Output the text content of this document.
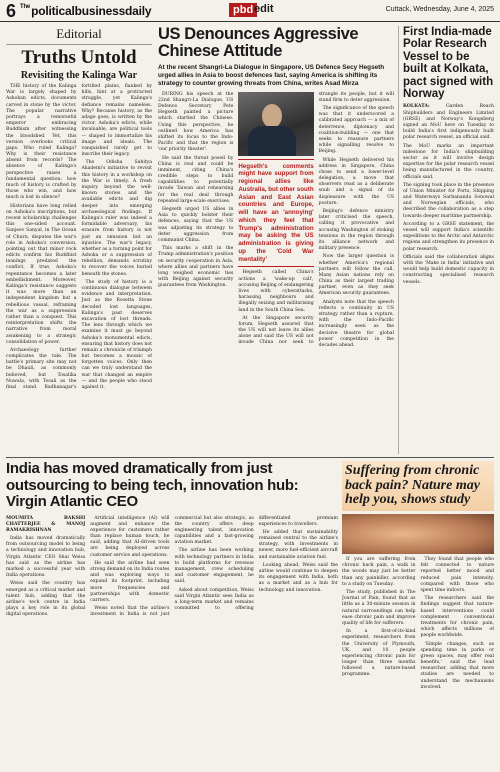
6 $^{The}$politicalbusinessdaily	pbd edit	Cuttack, Wednesday, June 4, 2025
Editorial
Truths Untold
Revisiting the Kalinga War

THE history of the Kalinga War is largely shaped by Ashokan edicts, documents carved in stone by the victor. The popular narrative portrays a remorseful emperor embracing Buddhism after witnessing the bloodshed. Yet, this version overlooks critical gaps. Who ruled Kalinga? Why is their resistance absent from records? The absence of Kalinga's perspective raises a fundamental question: how much of history is crafted by those who win, and how much is lost in silence?

Historians have long relied on Ashoka's inscriptions, but recent scholarship challenges this one-sided account. Sanjeev Sanyal, in The Ocean of Churn, disputes the war's role in Ashoka's conversion, pointing out that minor rock edicts confirm his Buddhist leanings predated the conflict. If true, Ashoka's repentance becomes a later embellishment. Moreover, Kalinga's resistance suggests it was more than an independent kingdom but a rebellious vassal, reframing the war as a suppression rather than a conquest. This reinterpretation shifts the narrative from moral awakening to a strategic consolidation of power.

Archaeology further complicates the tale. The battle's primary site may not be Dhauli, as commonly believed, but Tosalika Nuwala, with Tosali as the final stand. Radhanagar's fortified plains, flanked by hills, hint at a protracted struggle, yet Kalinga's defiance remains nameless. Why? Because history, as the adage goes, is written by the victor. Ashoka's edicts, while invaluable, are political tools — shaped to immortalize his image and ideals. The vanquished rarely get to inscribe their legacy.

The Odisha Sahitya Akademi's initiative to revisit this history in a workshop on the War is timely. A fresh inquiry beyond the well-known stories and the available edicts and dig deeper into emerging archaeological findings. If Kalinga's ruler was indeed a formidable adversary, his erasure from history is not just an omission but an injustice. The war's legacy, whether as a turning point for Ashoka or a suppression of rebellion, demands scrutiny to recover the voices buried beneath the stones.

The study of history is a continuous dialogue between evidence and interpretation. Just as the Rosetta Stone decoded lost languages, Kalinga's past deserves excavation of lost threads. The lens through which we examine it must go beyond Ashoka's monumental edicts, ensuring that history does not remain a chronicle of triumph but becomes a mosaic of forgotten voices. Only then can we truly understand the war that changed an empire — and the people who stood against it.

US Denounces Aggressive Chinese Attitude
At the recent Shangri-La Dialogue in Singapore, US Defence Secy Hegseth urged allies in Asia to boost defences fast, saying America is shifting its strategy to counter growing threats from China, writes Asad Mirza

DURING his speech at the 22nd Shangri-La Dialogue, US Defence Secretary Pete Hegseth painted a picture which startled the Chinese. Using this perspective, he outlined how America has shifted its focus to the Indo-Pacific and that the region is 'our priority theater'.

He said the threat posed by China is real and could be imminent, citing China's credible steps to build capabilities to potentially invade Taiwan and rehearsing for the real deal through repeated large-scale exercises.

Hegseth urged US allies in Asia to quickly bolster their defences, saying that the US was adjusting its strategy to deter aggression from communist China.

This marks a shift in the Trump administration's position on security cooperation in Asia, where allies and partners have long weighed economic ties with Beijing against security guarantees from Washington.

Hegseth's comments might have support from regional allies like Australia, but other south Asian and East Asian countries and Europe, will have an 'annoying' which they feel that Trump's administration may be asking the US administration is giving up the 'Cold War mentality'

Hegseth called China's actions a 'wake-up call', accusing Beijing of endangering lives with cyberattacks, harassing neighbours and illegally seizing and militarising land in the South China Sea.

At the Singapore security forum, Hegseth assured that the US will not leave its allies alone and said the US will not invade China nor seek to strangle its people, but it will stand firm to deter aggression.

The significance of the speech was that it underscored a calibrated approach — a mix of deterrence, diplomacy and coalition-building — one that seeks to reassure partners while signalling resolve to Beijing.

While Hegseth delivered his address in Singapore, China chose to send a lower-level delegation, a move that observers read as a deliberate snub and a signal of its displeasure with the US posture.

Beijing's defence ministry later criticised the speech, calling it provocative and accusing Washington of stoking tensions in the region through its alliance network and military presence.

Now the larger question is whether America's regional partners will follow the call. Many Asian nations rely on China as their largest trading partner, even as they seek American security guarantees.

Analysts note that the speech reflects a continuity in US strategy rather than a rupture, with the Indo-Pacific increasingly seen as the decisive theatre for global power competition in the decades ahead.

First India-made Polar Research Vessel to be built at Kolkata, pact signed with Norway

KOLKATA:	Garden Reach Shipbuilders and Engineers Limited (GRSE) and Norway's Kongsberg signed an MoU here on Tuesday to build India's first indigenously built polar research vessel, an official said.

The MoU marks an important milestone for India's shipbuilding sector as it will involve design expertise for the polar research vessel being manufactured in the country, officials said.

The signing took place in the presence of Union Minister for Ports, Shipping and Waterways Sarbananda Sonowal and Norwegian officials, who described the collaboration as a step towards deeper maritime partnership.

According to a GRSE statement, the vessel will support India's scientific expeditions to the Arctic and Antarctic regions and strengthen its presence in polar research.

Officials said the collaboration aligns with the 'Make in India' initiative and would help build domestic capacity in constructing specialised research vessels.

India has moved dramatically from just outsourcing to being tech, innovation hub: Virgin Atlantic CEO
MOUMITA BAKSHI CHATTERJEE & MANOJ RAMAKRISHNAN

India has moved dramatically from outsourcing model to being a technology and innovation hub, Virgin Atlantic CEO Shai Weiss has said as the airline has marked a successful year with India operations.

Weiss said the country has emerged as a critical market and talent hub, adding that the airline's tech centre in India plays a key role in its global digital operations.

Artificial intelligence (AI) will augment and enhance the experience for customers rather than replace human touch, he said, adding that AI-driven tools are being deployed across customer service and operations.

He said the airline had seen strong demand on its India routes and was exploring ways to expand its footprint, including more frequencies and partnerships with domestic carriers.

Weiss noted that the airline's investment in India is not just commercial but also strategic, as the country offers deep engineering talent, innovation capabilities and a fast-growing aviation market.

The airline has been working with technology partners in India to build platforms for revenue management, crew scheduling and customer engagement, he said.

Asked about competition, Weiss said Virgin Atlantic sees India as a long-term market and remains committed to offering differentiated premium experiences to travellers.

He added that sustainability remained central to the airline's strategy, with investments in newer, more fuel-efficient aircraft and sustainable aviation fuel.

Looking ahead, Weiss said the airline would continue to deepen its engagement with India, both as a market and as a hub for technology and innovation.

Suffering from chronic back pain? Nature may help you, shows study

If you are suffering from chronic back pain, a walk in the woods may just be better than any painkiller, according to a study on Tuesday.

The study, published in The Journal of Pain, found that as little as a 30-minute session in natural surroundings can help ease chronic pain and improve quality of life for sufferers.

In a first-of-its-kind experiment, researchers from the University of Plymouth, UK, and 10 people experiencing chronic pain for longer than three months followed a nature-based programme.

They found that people who felt connected to nature reported better mood and reduced pain intensity, compared with those who spent time indoors.

The researchers said the findings suggest that nature-based interventions could complement conventional treatments for chronic pain, which affects millions of people worldwide.

'Simple changes, such as spending time in parks or green spaces, may offer real benefits,' said the lead researcher, adding that more studies are needed to understand the mechanisms involved.
